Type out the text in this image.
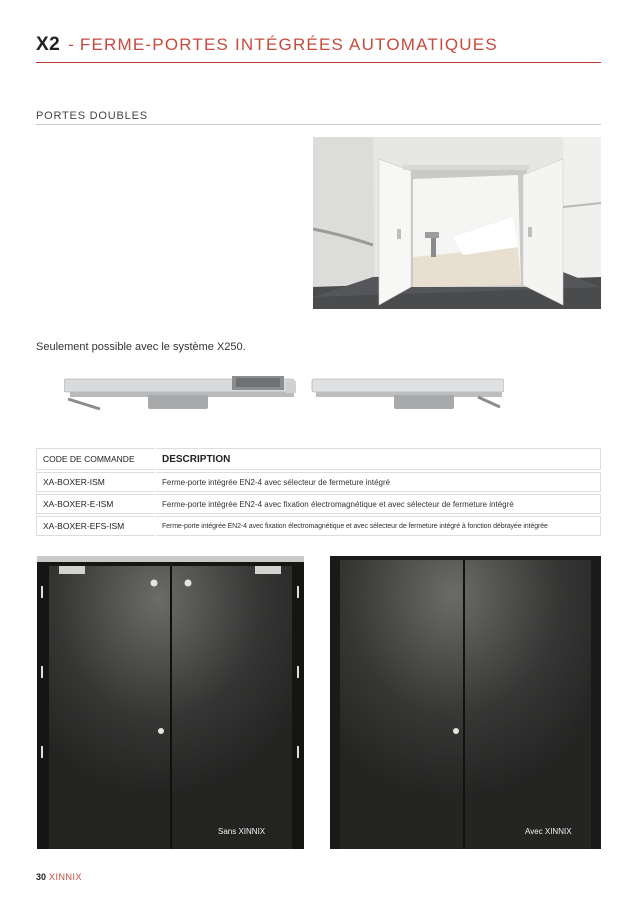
X2 - FERME-PORTES INTÉGRÉES AUTOMATIQUES
PORTES DOUBLES
Seulement possible avec le système X250.
CODE DE COMMANDE	DESCRIPTION
XA-BOXER-ISM	Ferme-porte intégrée EN2-4 avec sélecteur de fermeture intégré
XA-BOXER-E-ISM	Ferme-porte intégrée EN2-4 avec fixation électromagnétique et avec sélecteur de fermeture intégré
XA-BOXER-EFS-ISM	Ferme-porte intégrée EN2-4 avec fixation électromagnétique et avec sélecteur de fermeture intégré à fonction débrayée intégrée
Sans XINNIX	Avec XINNIX
30 XINNIX
